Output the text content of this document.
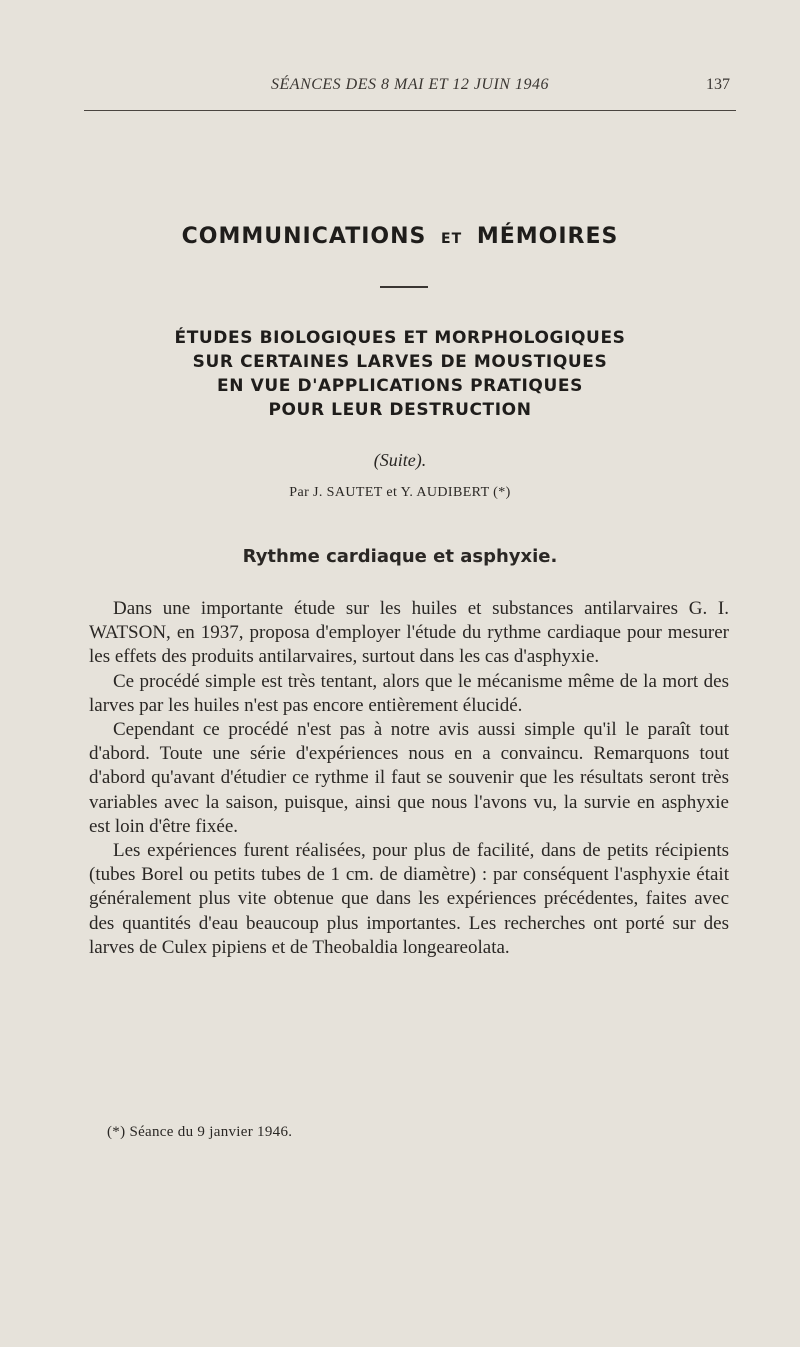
SÉANCES DES 8 MAI ET 12 JUIN 1946	137
COMMUNICATIONS ET MÉMOIRES
ÉTUDES BIOLOGIQUES ET MORPHOLOGIQUES
SUR CERTAINES LARVES DE MOUSTIQUES
EN VUE D'APPLICATIONS PRATIQUES
POUR LEUR DESTRUCTION
(Suite).
Par J. SAUTET et Y. AUDIBERT (*)
Rythme cardiaque et asphyxie.

Dans une importante étude sur les huiles et substances antilarvaires G. I. WATSON, en 1937, proposa d'employer l'étude du rythme cardiaque pour mesurer les effets des produits antilarvaires, surtout dans les cas d'asphyxie.

Ce procédé simple est très tentant, alors que le mécanisme même de la mort des larves par les huiles n'est pas encore entièrement élucidé.

Cependant ce procédé n'est pas à notre avis aussi simple qu'il le paraît tout d'abord. Toute une série d'expériences nous en a convaincu. Remarquons tout d'abord qu'avant d'étudier ce rythme il faut se souvenir que les résultats seront très variables avec la saison, puisque, ainsi que nous l'avons vu, la survie en asphyxie est loin d'être fixée.

Les expériences furent réalisées, pour plus de facilité, dans de petits récipients (tubes Borel ou petits tubes de 1 cm. de diamètre) : par conséquent l'asphyxie était généralement plus vite obtenue que dans les expériences précédentes, faites avec des quantités d'eau beaucoup plus importantes. Les recherches ont porté sur des larves de Culex pipiens et de Theobaldia longeareolata.

(*) Séance du 9 janvier 1946.
